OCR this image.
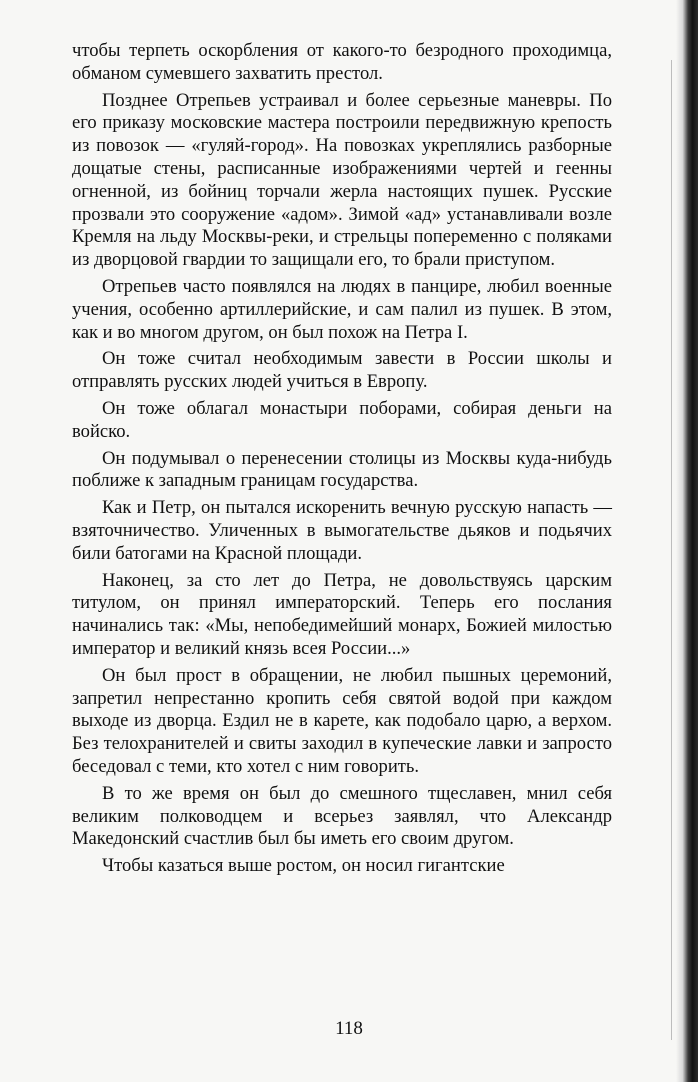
чтобы терпеть оскорбления от какого-то безродного проходимца, обманом сумевшего захватить престол.

Позднее Отрепьев устраивал и более серьезные маневры. По его приказу московские мастера построили передвижную крепость из повозок — «гуляй-город». На повозках укреплялись разборные дощатые стены, расписанные изображениями чертей и геенны огненной, из бойниц торчали жерла настоящих пушек. Русские прозвали это сооружение «адом». Зимой «ад» устанавливали возле Кремля на льду Москвы-реки, и стрельцы попеременно с поляками из дворцовой гвардии то защищали его, то брали приступом.

Отрепьев часто появлялся на людях в панцире, любил военные учения, особенно артиллерийские, и сам палил из пушек. В этом, как и во многом другом, он был похож на Петра I.

Он тоже считал необходимым завести в России школы и отправлять русских людей учиться в Европу.

Он тоже облагал монастыри поборами, собирая деньги на войско.

Он подумывал о перенесении столицы из Москвы куда-нибудь поближе к западным границам государства.

Как и Петр, он пытался искоренить вечную русскую напасть — взяточничество. Уличенных в вымогательстве дьяков и подьячих били батогами на Красной площади.

Наконец, за сто лет до Петра, не довольствуясь царским титулом, он принял императорский. Теперь его послания начинались так: «Мы, непобедимейший монарх, Божией милостью император и великий князь всея России...»

Он был прост в обращении, не любил пышных церемоний, запретил непрестанно кропить себя святой водой при каждом выходе из дворца. Ездил не в карете, как подобало царю, а верхом. Без телохранителей и свиты заходил в купеческие лавки и запросто беседовал с теми, кто хотел с ним говорить.

В то же время он был до смешного тщеславен, мнил себя великим полководцем и всерьез заявлял, что Александр Македонский счастлив был бы иметь его своим другом.

Чтобы казаться выше ростом, он носил гигантские

118
